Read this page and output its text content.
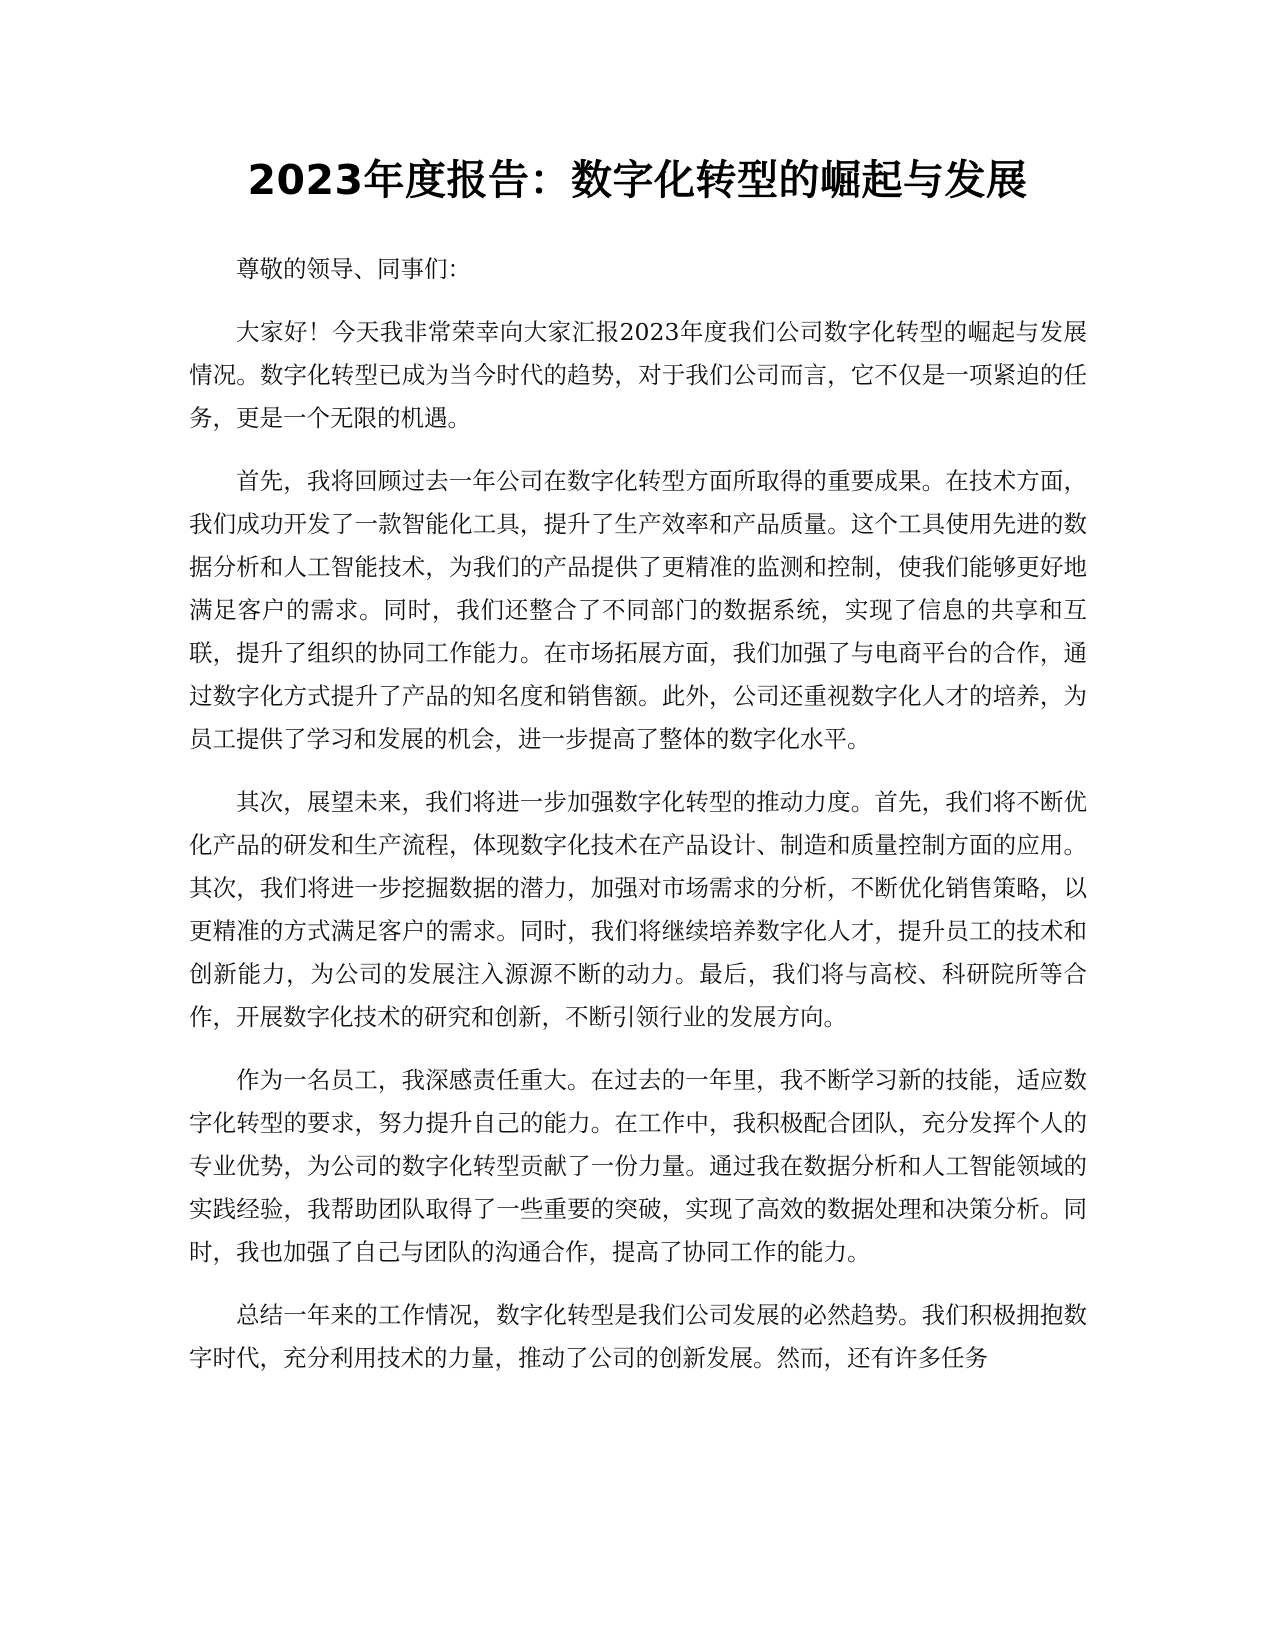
2023年度报告：数字化转型的崛起与发展

尊敬的领导、同事们：

大家好！今天我非常荣幸向大家汇报2023年度我们公司数字化转型的崛起与发展情况。数字化转型已成为当今时代的趋势，对于我们公司而言，它不仅是一项紧迫的任务，更是一个无限的机遇。

首先，我将回顾过去一年公司在数字化转型方面所取得的重要成果。在技术方面，我们成功开发了一款智能化工具，提升了生产效率和产品质量。这个工具使用先进的数据分析和人工智能技术，为我们的产品提供了更精准的监测和控制，使我们能够更好地满足客户的需求。同时，我们还整合了不同部门的数据系统，实现了信息的共享和互联，提升了组织的协同工作能力。在市场拓展方面，我们加强了与电商平台的合作，通过数字化方式提升了产品的知名度和销售额。此外，公司还重视数字化人才的培养，为员工提供了学习和发展的机会，进一步提高了整体的数字化水平。

其次，展望未来，我们将进一步加强数字化转型的推动力度。首先，我们将不断优化产品的研发和生产流程，体现数字化技术在产品设计、制造和质量控制方面的应用。其次，我们将进一步挖掘数据的潜力，加强对市场需求的分析，不断优化销售策略，以更精准的方式满足客户的需求。同时，我们将继续培养数字化人才，提升员工的技术和创新能力，为公司的发展注入源源不断的动力。最后，我们将与高校、科研院所等合作，开展数字化技术的研究和创新，不断引领行业的发展方向。

作为一名员工，我深感责任重大。在过去的一年里，我不断学习新的技能，适应数字化转型的要求，努力提升自己的能力。在工作中，我积极配合团队，充分发挥个人的专业优势，为公司的数字化转型贡献了一份力量。通过我在数据分析和人工智能领域的实践经验，我帮助团队取得了一些重要的突破，实现了高效的数据处理和决策分析。同时，我也加强了自己与团队的沟通合作，提高了协同工作的能力。

总结一年来的工作情况，数字化转型是我们公司发展的必然趋势。我们积极拥抱数字时代，充分利用技术的力量，推动了公司的创新发展。然而，还有许多任务
